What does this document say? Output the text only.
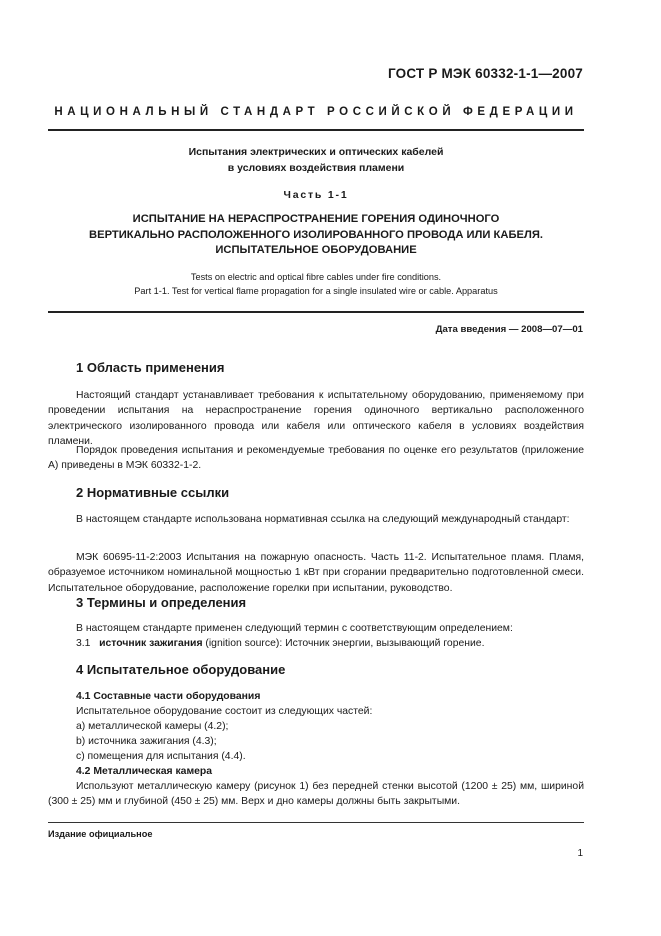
ГОСТ Р МЭК 60332-1-1—2007
НАЦИОНАЛЬНЫЙ СТАНДАРТ РОССИЙСКОЙ ФЕДЕРАЦИИ
Испытания электрических и оптических кабелей
в условиях воздействия пламени
Часть 1-1
ИСПЫТАНИЕ НА НЕРАСПРОСТРАНЕНИЕ ГОРЕНИЯ ОДИНОЧНОГО
ВЕРТИКАЛЬНО РАСПОЛОЖЕННОГО ИЗОЛИРОВАННОГО ПРОВОДА ИЛИ КАБЕЛЯ.
ИСПЫТАТЕЛЬНОЕ ОБОРУДОВАНИЕ
Tests on electric and optical fibre cables under fire conditions.
Part 1-1. Test for vertical flame propagation for a single insulated wire or cable. Apparatus
Дата введения — 2008—07—01
1 Область применения
Настоящий стандарт устанавливает требования к испытательному оборудованию, применяемому при проведении испытания на нераспространение горения одиночного вертикально расположенного электрического изолированного провода или кабеля или оптического кабеля в условиях воздействия пламени.
Порядок проведения испытания и рекомендуемые требования по оценке его результатов (приложение А) приведены в МЭК 60332-1-2.
2 Нормативные ссылки
В настоящем стандарте использована нормативная ссылка на следующий международный стандарт:
МЭК 60695-11-2:2003 Испытания на пожарную опасность. Часть 11-2. Испытательное пламя. Пламя, образуемое источником номинальной мощностью 1 кВт при сгорании предварительно подготовленной смеси. Испытательное оборудование, расположение горелки при испытании, руководство.
3 Термины и определения
В настоящем стандарте применен следующий термин с соответствующим определением:
3.1 источник зажигания (ignition source): Источник энергии, вызывающий горение.
4 Испытательное оборудование
4.1 Составные части оборудования
Испытательное оборудование состоит из следующих частей:
а) металлической камеры (4.2);
b) источника зажигания (4.3);
с) помещения для испытания (4.4).
4.2 Металлическая камера
Используют металлическую камеру (рисунок 1) без передней стенки высотой (1200 ± 25) мм, шириной (300 ± 25) мм и глубиной (450 ± 25) мм. Верх и дно камеры должны быть закрытыми.
Издание официальное
1
